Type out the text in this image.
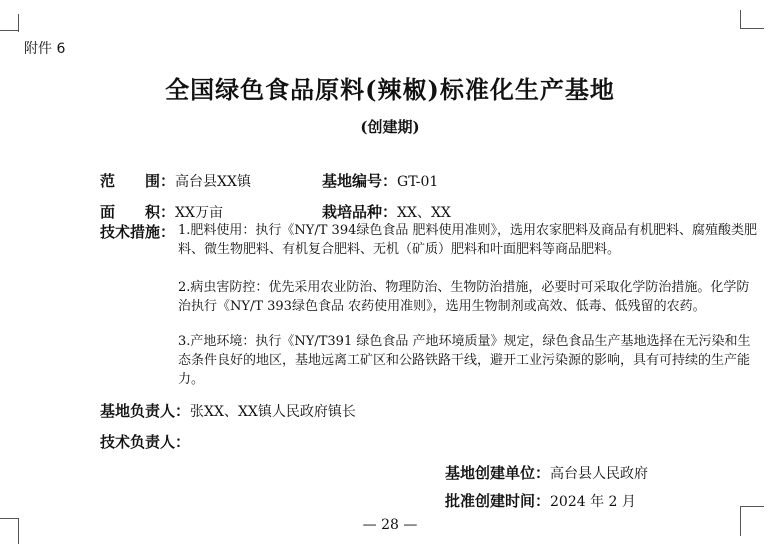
附件 6
全国绿色食品原料(辣椒)标准化生产基地
(创建期)
范　　围：高台县XX镇	基地编号：GT-01
面　　积：XX万亩	栽培品种：XX、XX
技术措施： 1.肥料使用：执行《NY/T 394绿色食品 肥料使用准则》，选用农家肥料及商品有机肥料、腐殖酸类肥料、微生物肥料、有机复合肥料、无机（矿质）肥料和叶面肥料等商品肥料。
2.病虫害防控：优先采用农业防治、物理防治、生物防治措施，必要时可采取化学防治措施。化学防治执行《NY/T 393绿色食品 农药使用准则》，选用生物制剂或高效、低毒、低残留的农药。
3.产地环境：执行《NY/T391 绿色食品 产地环境质量》规定，绿色食品生产基地选择在无污染和生态条件良好的地区，基地远离工矿区和公路铁路干线，避开工业污染源的影响，具有可持续的生产能力。
基地负责人：张XX、XX镇人民政府镇长
技术负责人：
基地创建单位：高台县人民政府
批准创建时间：2024 年 2 月
— 28 —
